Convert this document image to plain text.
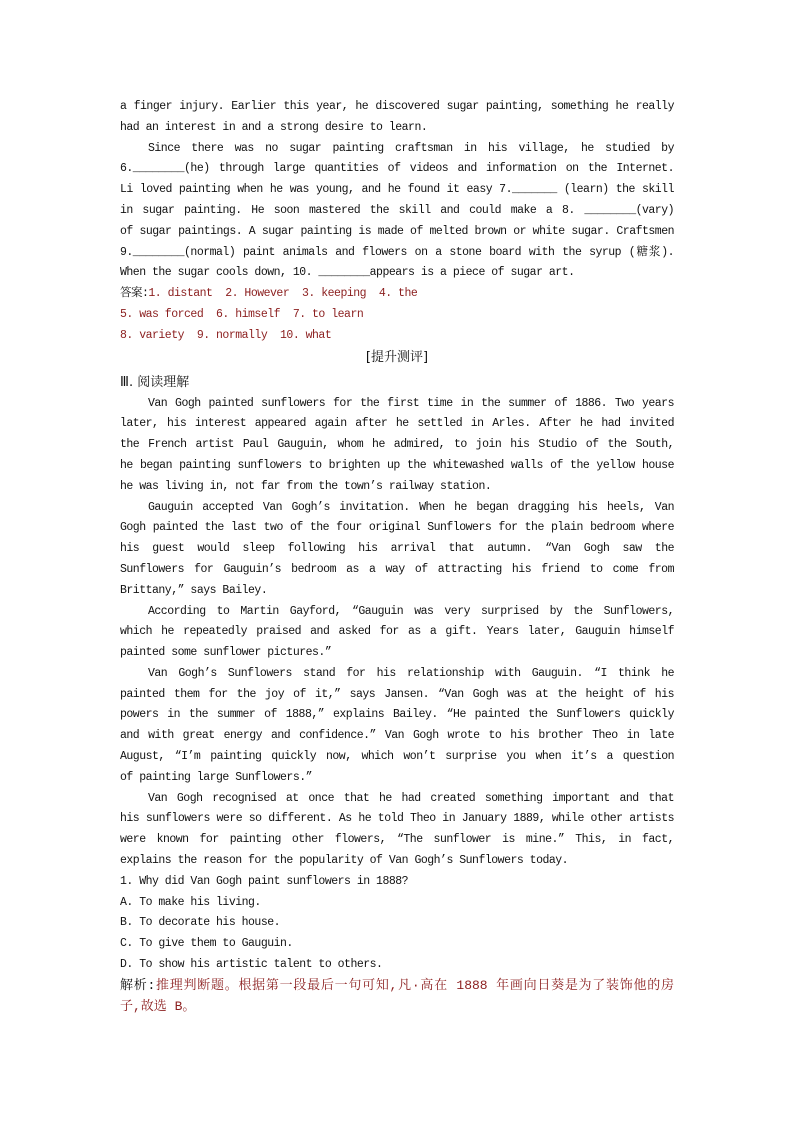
a finger injury. Earlier this year, he discovered sugar painting, something he really
had an interest in and a strong desire to learn.
Since there was no sugar painting craftsman in his village, he studied by
6.________(he) through large quantities of videos and information on the Internet.
Li loved painting when he was young, and he found it easy 7._______ (learn) the skill
in sugar painting. He soon mastered the skill and could make a 8. ________(vary)
of sugar paintings. A sugar painting is made of melted brown or white sugar. Craftsmen
9.________(normal) paint animals and flowers on a stone board with the syrup (糖浆).
When the sugar cools down, 10. ________appears is a piece of sugar art.
答案:1. distant  2. However  3. keeping  4. the
5. was forced  6. himself  7. to learn
8. variety  9. normally  10. what
[提升测评]
Ⅲ. 阅读理解
Van Gogh painted sunflowers for the first time in the summer of 1886. Two years
later, his interest appeared again after he settled in Arles. After he had invited
the French artist Paul Gauguin, whom he admired, to join his Studio of the South,
he began painting sunflowers to brighten up the whitewashed walls of the yellow house
he was living in, not far from the town’s railway station.
Gauguin accepted Van Gogh’s invitation. When he began dragging his heels, Van
Gogh painted the last two of the four original Sunflowers for the plain bedroom where
his guest would sleep following his arrival that autumn. “Van Gogh saw the
Sunflowers for Gauguin’s bedroom as a way of attracting his friend to come from
Brittany,” says Bailey.
According to Martin Gayford, “Gauguin was very surprised by the Sunflowers,
which he repeatedly praised and asked for as a gift. Years later, Gauguin himself
painted some sunflower pictures.”
Van Gogh’s Sunflowers stand for his relationship with Gauguin. “I think he
painted them for the joy of it,” says Jansen. “Van Gogh was at the height of his
powers in the summer of 1888,” explains Bailey. “He painted the Sunflowers quickly
and with great energy and confidence.” Van Gogh wrote to his brother Theo in late
August, “I’m painting quickly now, which won’t surprise you when it’s a question
of painting large Sunflowers.”
Van Gogh recognised at once that he had created something important and that
his sunflowers were so different. As he told Theo in January 1889, while other artists
were known for painting other flowers, “The sunflower is mine.” This, in fact,
explains the reason for the popularity of Van Gogh’s Sunflowers today.
1. Why did Van Gogh paint sunflowers in 1888?
A. To make his living.
B. To decorate his house.
C. To give them to Gauguin.
D. To show his artistic talent to others.
解析:推理判断题。根据第一段最后一句可知,凡·高在 1888 年画向日葵是为了装饰他的房
子,故选 B。
